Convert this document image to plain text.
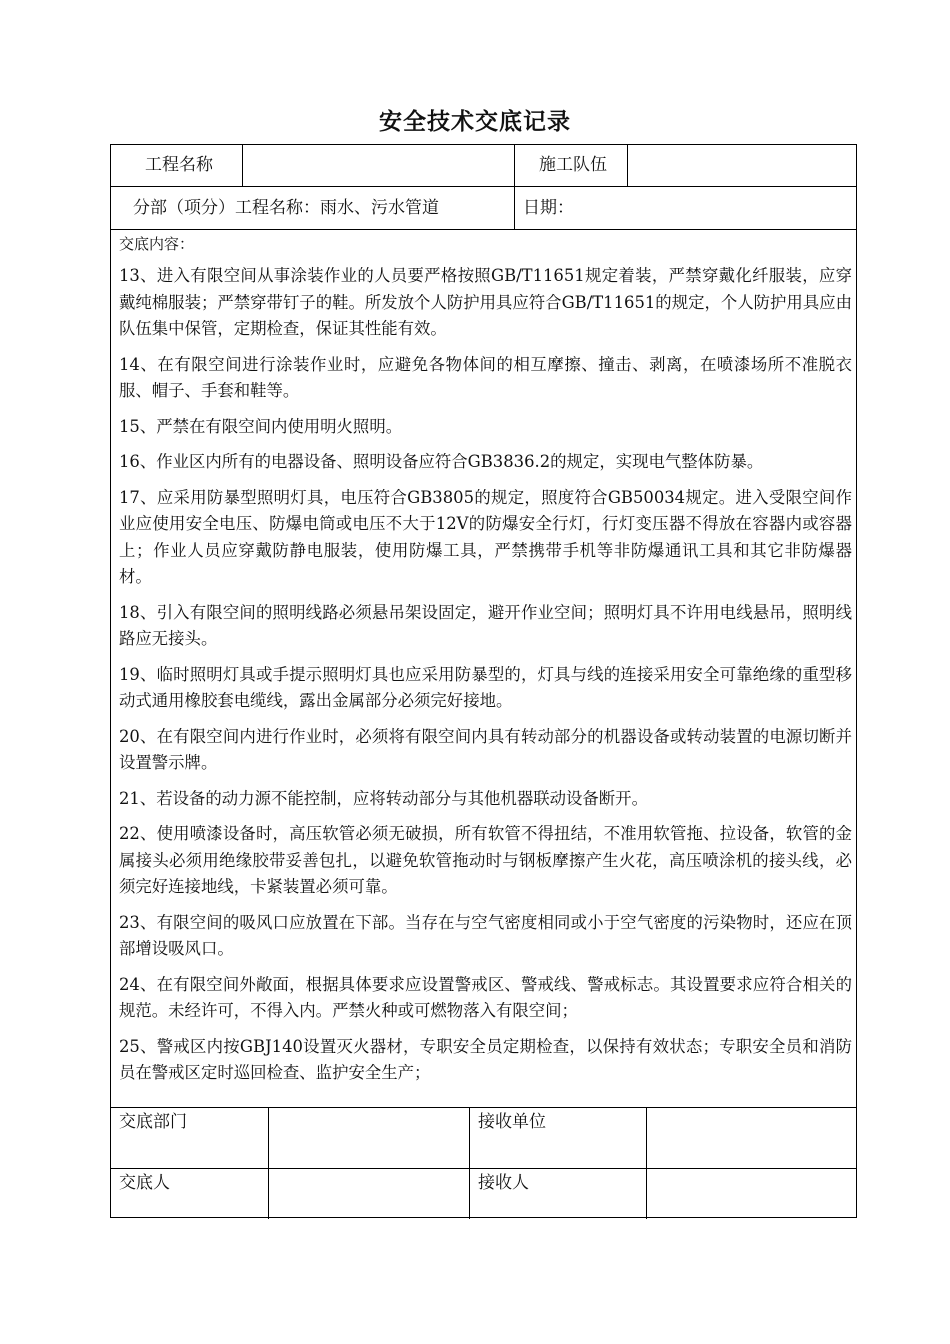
安全技术交底记录
工程名称	施工队伍
分部（项分）工程名称：雨水、污水管道	日期：
交底内容：

13、进入有限空间从事涂装作业的人员要严格按照GB/T11651规定着装，严禁穿戴化纤服装，应穿戴纯棉服装；严禁穿带钉子的鞋。所发放个人防护用具应符合GB/T11651的规定，个人防护用具应由队伍集中保管，定期检查，保证其性能有效。

14、在有限空间进行涂装作业时，应避免各物体间的相互摩擦、撞击、剥离，在喷漆场所不准脱衣服、帽子、手套和鞋等。

15、严禁在有限空间内使用明火照明。

16、作业区内所有的电器设备、照明设备应符合GB3836.2的规定，实现电气整体防暴。

17、应采用防暴型照明灯具，电压符合GB3805的规定，照度符合GB50034规定。进入受限空间作业应使用安全电压、防爆电筒或电压不大于12V的防爆安全行灯，行灯变压器不得放在容器内或容器上；作业人员应穿戴防静电服装，使用防爆工具，严禁携带手机等非防爆通讯工具和其它非防爆器材。

18、引入有限空间的照明线路必须悬吊架设固定，避开作业空间；照明灯具不许用电线悬吊，照明线路应无接头。

19、临时照明灯具或手提示照明灯具也应采用防暴型的，灯具与线的连接采用安全可靠绝缘的重型移动式通用橡胶套电缆线，露出金属部分必须完好接地。

20、在有限空间内进行作业时，必须将有限空间内具有转动部分的机器设备或转动装置的电源切断并设置警示牌。

21、若设备的动力源不能控制，应将转动部分与其他机器联动设备断开。

22、使用喷漆设备时，高压软管必须无破损，所有软管不得扭结，不准用软管拖、拉设备，软管的金属接头必须用绝缘胶带妥善包扎，以避免软管拖动时与钢板摩擦产生火花，高压喷涂机的接头线，必须完好连接地线，卡紧装置必须可靠。

23、有限空间的吸风口应放置在下部。当存在与空气密度相同或小于空气密度的污染物时，还应在顶部增设吸风口。

24、在有限空间外敞面，根据具体要求应设置警戒区、警戒线、警戒标志。其设置要求应符合相关的规范。未经许可，不得入内。严禁火种或可燃物落入有限空间；

25、警戒区内按GBJ140设置灭火器材，专职安全员定期检查，以保持有效状态；专职安全员和消防员在警戒区定时巡回检查、监护安全生产；

交底部门	接收单位
交底人	接收人
